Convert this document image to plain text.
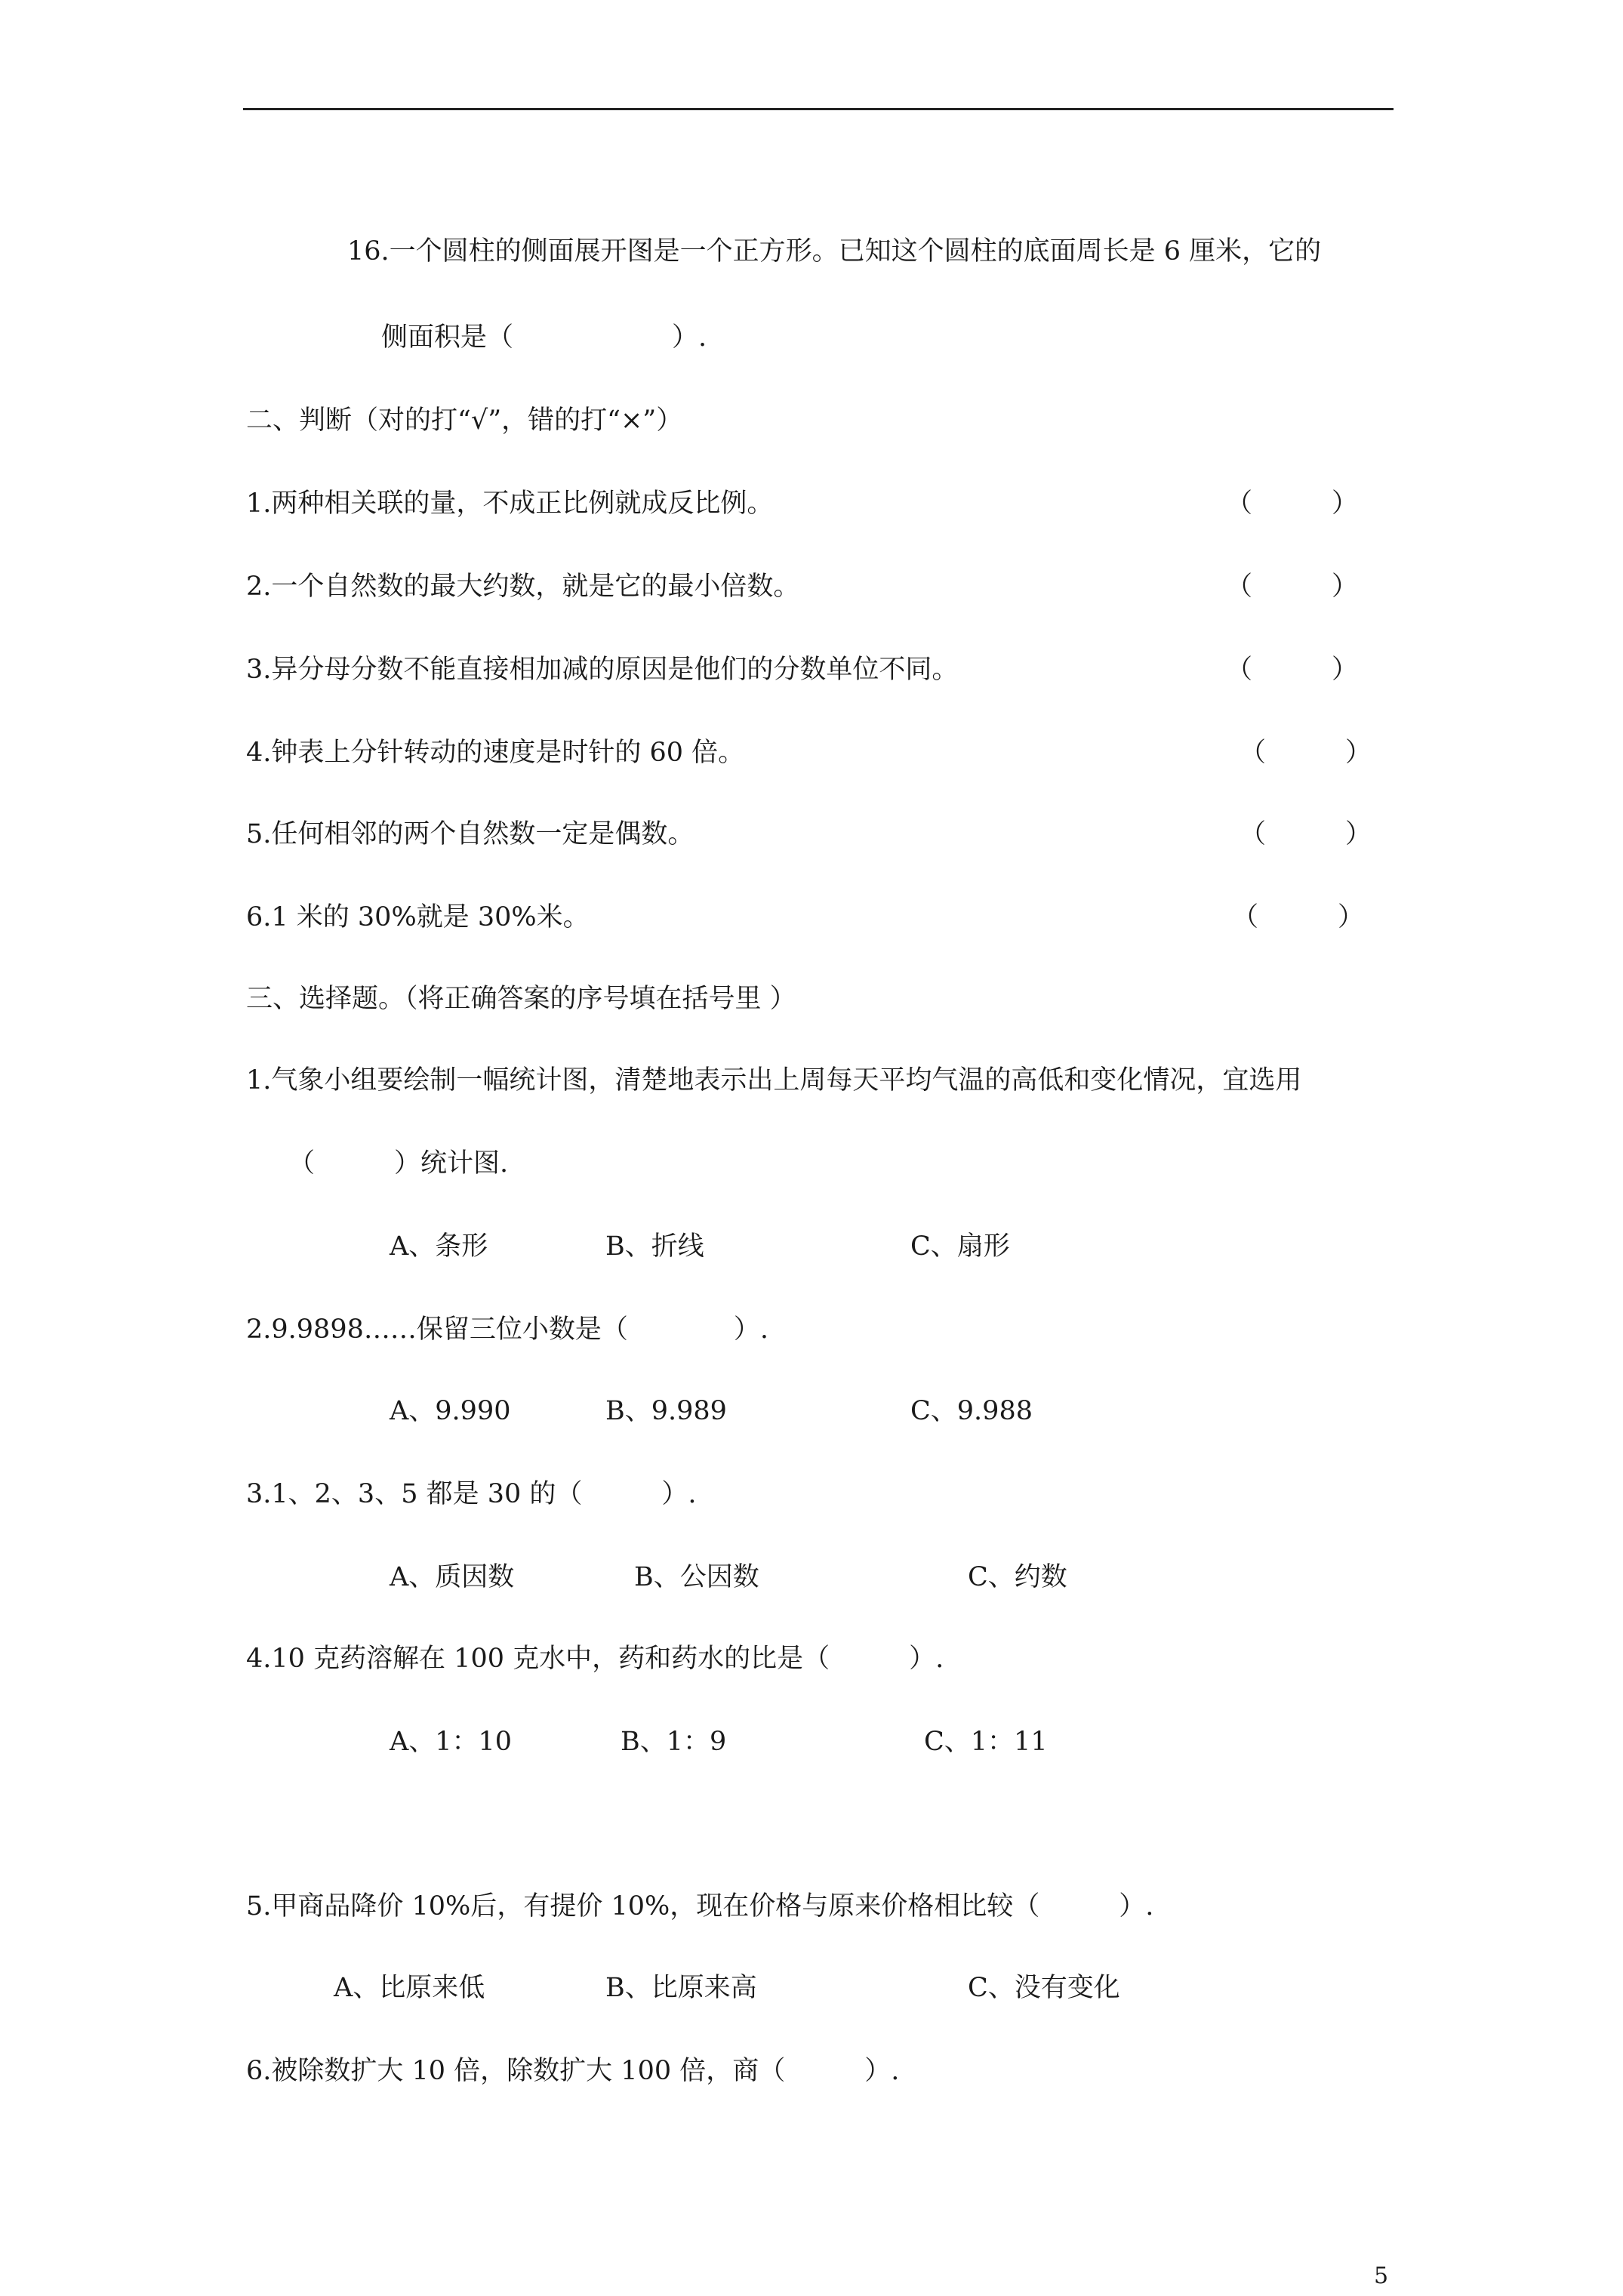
16.一个圆柱的侧面展开图是一个正方形。已知这个圆柱的底面周长是 6 厘米，它的
侧面积是（　　　　　　）.
二、判断（对的打“√”，错的打“×”）
1.两种相关联的量，不成正比例就成反比例。	（　　　）
2.一个自然数的最大约数，就是它的最小倍数。	（　　　）
3.异分母分数不能直接相加减的原因是他们的分数单位不同。	（　　　）
4.钟表上分针转动的速度是时针的 60 倍。	（　　　）
5.任何相邻的两个自然数一定是偶数。	（　　　）
6.1 米的 30%就是 30%米。	（　　　）
三、选择题。（将正确答案的序号填在括号里 ）
1.气象小组要绘制一幅统计图，清楚地表示出上周每天平均气温的高低和变化情况，宜选用
（　　　）统计图.
A、条形	B、折线	C、扇形
2.9.9898……保留三位小数是（　　　　）.
A、9.990	B、9.989	C、9.988
3.1、2、3、5 都是 30 的（　　　）.
A、质因数	B、公因数	C、约数
4.10 克药溶解在 100 克水中，药和药水的比是（　　　）.
A、1：10	B、1：9	C、1：11
5.甲商品降价 10%后，有提价 10%，现在价格与原来价格相比较（　　　）.
A、比原来低	B、比原来高	C、没有变化
6.被除数扩大 10 倍，除数扩大 100 倍，商（　　　）.
5
